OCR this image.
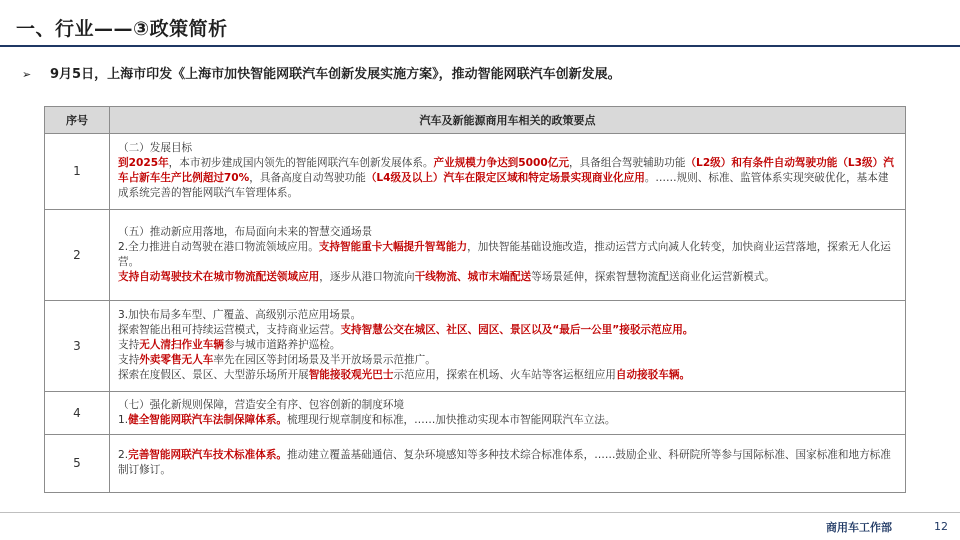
一、行业——③政策简析
➢ 9月5日，上海市印发《上海市加快智能网联汽车创新发展实施方案》，推动智能网联汽车创新发展。
序号	汽车及新能源商用车相关的政策要点
1	（二）发展目标
到2025年，本市初步建成国内领先的智能网联汽车创新发展体系。产业规模力争达到5000亿元，具备组合驾驶辅助功能（L2级）和有条件自动驾驶功能（L3级）汽车占新车生产比例超过70%，具备高度自动驾驶功能（L4级及以上）汽车在限定区域和特定场景实现商业化应用。……规则、标准、监管体系实现突破优化，基本建成系统完善的智能网联汽车管理体系。

2	（五）推动新应用落地，布局面向未来的智慧交通场景
2.全力推进自动驾驶在港口物流领域应用。支持智能重卡大幅提升智驾能力，加快智能基础设施改造，推动运营方式向减人化转变，加快商业运营落地，探索无人化运营。
支持自动驾驶技术在城市物流配送领域应用，逐步从港口物流向干线物流、城市末端配送等场景延伸，探索智慧物流配送商业化运营新模式。

3	3.加快布局多车型、广覆盖、高级别示范应用场景。
探索智能出租可持续运营模式，支持商业运营。支持智慧公交在城区、社区、园区、景区以及“最后一公里”接驳示范应用。
支持无人清扫作业车辆参与城市道路养护巡检。
支持外卖零售无人车率先在园区等封闭场景及半开放场景示范推广。
探索在度假区、景区、大型游乐场所开展智能接驳观光巴士示范应用，探索在机场、火车站等客运枢纽应用自动接驳车辆。

4	（七）强化新规则保障，营造安全有序、包容创新的制度环境
1.健全智能网联汽车法制保障体系。梳理现行规章制度和标准，……加快推动实现本市智能网联汽车立法。

5	2.完善智能网联汽车技术标准体系。推动建立覆盖基础通信、复杂环境感知等多种技术综合标准体系，……鼓励企业、科研院所等参与国际标准、国家标准和地方标准制订修订。
商用车工作部	12
